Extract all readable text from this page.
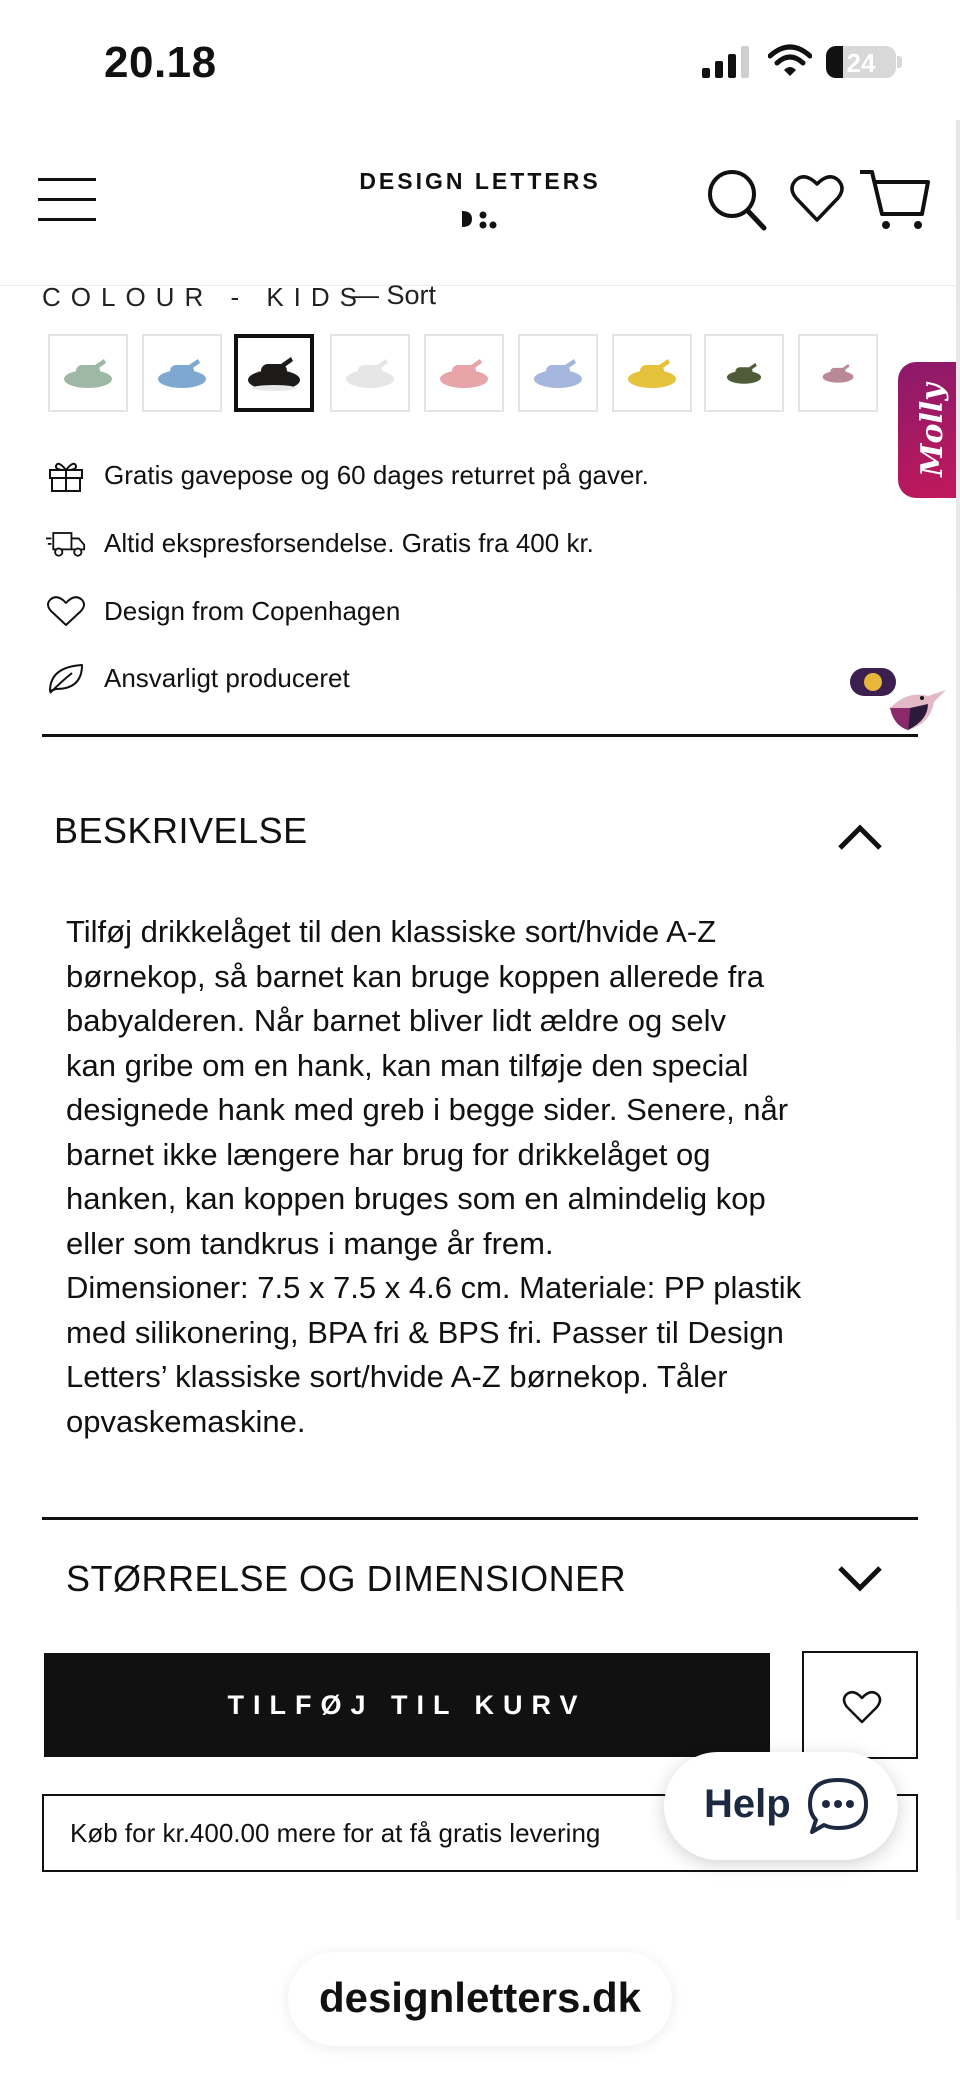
20.18	24
DESIGN LETTERS
COLOUR - KIDS
— Sort
Gratis gavepose og 60 dages returret på gaver.
Altid ekspresforsendelse. Gratis fra 400 kr.
Design from Copenhagen
Ansvarligt produceret
BESKRIVELSE
Tilføj drikkelåget til den klassiske sort/hvide A-Z
børnekop, så barnet kan bruge koppen allerede fra
babyalderen. Når barnet bliver lidt ældre og selv
kan gribe om en hank, kan man tilføje den special
designede hank med greb i begge sider. Senere, når
barnet ikke længere har brug for drikkelåget og
hanken, kan koppen bruges som en almindelig kop
eller som tandkrus i mange år frem.
Dimensioner: 7.5 x 7.5 x 4.6 cm. Materiale: PP plastik
med silikonering, BPA fri & BPS fri. Passer til Design
Letters’ klassiske sort/hvide A-Z børnekop. Tåler
opvaskemaskine.
STØRRELSE OG DIMENSIONER
TILFØJ TIL KURV
Køb for kr.400.00 mere for at få gratis levering
Help
Molly
designletters.dk
